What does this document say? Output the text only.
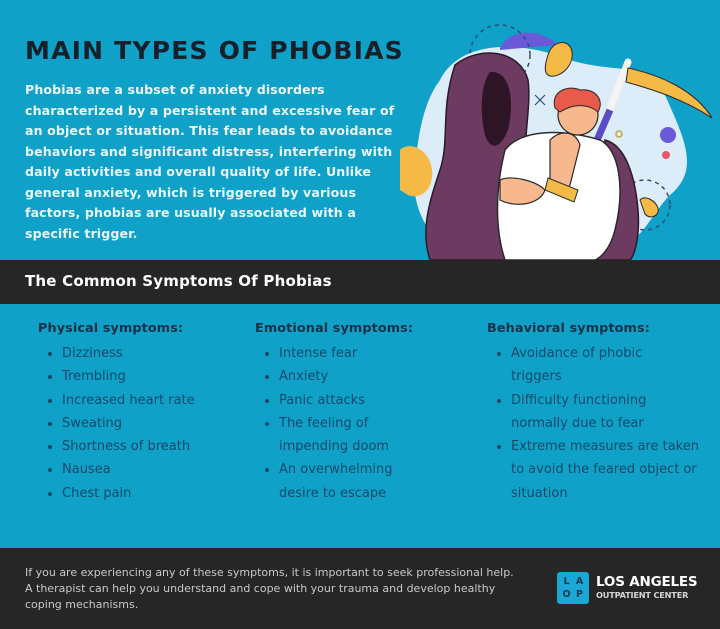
MAIN TYPES OF PHOBIAS

Phobias are a subset of anxiety disorders characterized by a persistent and excessive fear of an object or situation. This fear leads to avoidance behaviors and significant distress, interfering with daily activities and overall quality of life. Unlike general anxiety, which is triggered by various factors, phobias are usually associated with a specific trigger.

The Common Symptoms Of Phobias
Physical symptoms:
Dizziness
Trembling
Increased heart rate
Sweating
Shortness of breath
Nausea
Chest pain
Emotional symptoms:
Intense fear
Anxiety
Panic attacks
The feeling of impending doom
An overwhelming desire to escape
Behavioral symptoms:
Avoidance of phobic triggers
Difficulty functioning normally due to fear
Extreme measures are taken to avoid the feared object or situation

If you are experiencing any of these symptoms, it is important to seek professional help. A therapist can help you understand and cope with your trauma and develop healthy coping mechanisms.

L A
O P
LOS ANGELES
OUTPATIENT CENTER
